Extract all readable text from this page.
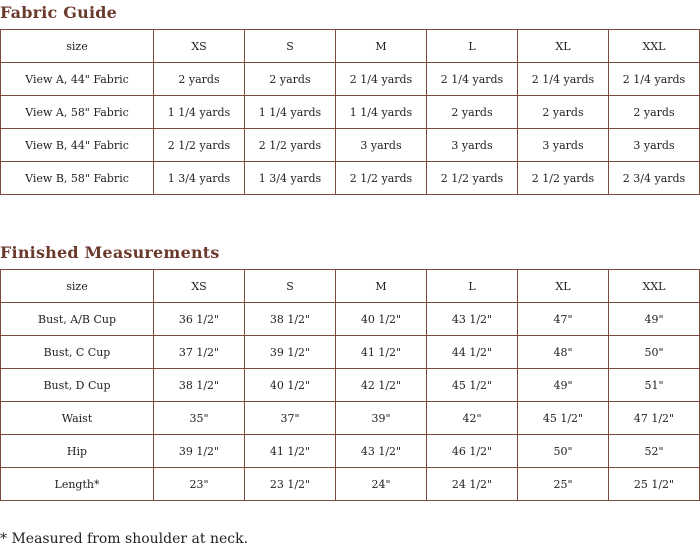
Fabric Guide
size	XS	S	M	L	XL	XXL
View A, 44" Fabric	2 yards	2 yards	2 1/4 yards	2 1/4 yards	2 1/4 yards	2 1/4 yards
View A, 58" Fabric	1 1/4 yards	1 1/4 yards	1 1/4 yards	2 yards	2 yards	2 yards
View B, 44" Fabric	2 1/2 yards	2 1/2 yards	3 yards	3 yards	3 yards	3 yards
View B, 58" Fabric	1 3/4 yards	1 3/4 yards	2 1/2 yards	2 1/2 yards	2 1/2 yards	2 3/4 yards
Finished Measurements
size	XS	S	M	L	XL	XXL
Bust, A/B Cup	36 1/2"	38 1/2"	40 1/2"	43 1/2"	47"	49"
Bust, C Cup	37 1/2"	39 1/2"	41 1/2"	44 1/2"	48"	50"
Bust, D Cup	38 1/2"	40 1/2"	42 1/2"	45 1/2"	49"	51"
Waist	35"	37"	39"	42"	45 1/2"	47 1/2"
Hip	39 1/2"	41 1/2"	43 1/2"	46 1/2"	50"	52"
Length*	23"	23 1/2"	24"	24 1/2"	25"	25 1/2"

* Measured from shoulder at neck.
